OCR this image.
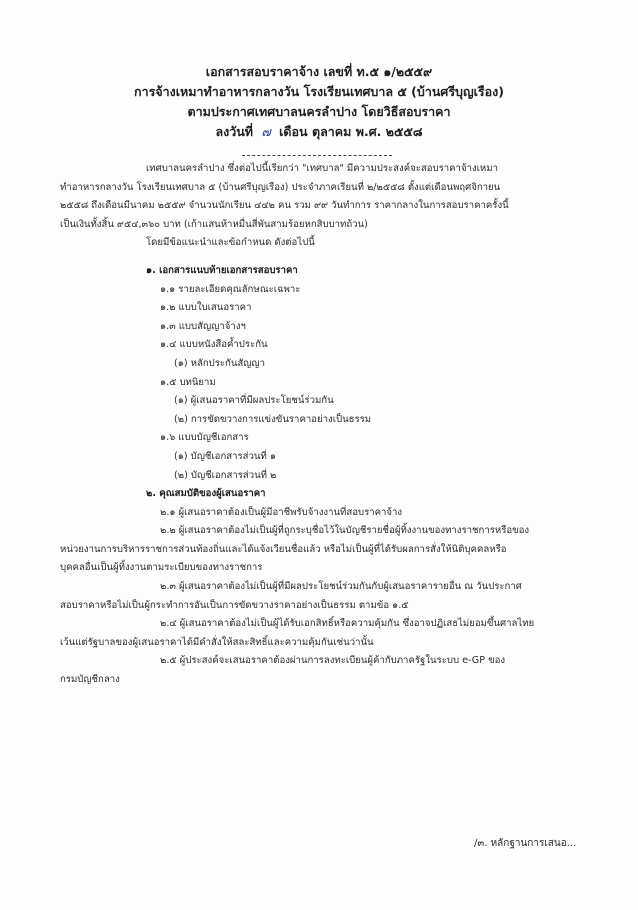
เอกสารสอบราคาจ้าง เลขที่ ท.๕ ๑/๒๕๕๙
การจ้างเหมาทำอาหารกลางวัน โรงเรียนเทศบาล ๕ (บ้านศรีบุญเรือง)
ตามประกาศเทศบาลนครลำปาง โดยวิธีสอบราคา
ลงวันที่ ๗ เดือน ตุลาคม พ.ศ. ๒๕๕๘
เทศบาลนครลำปาง ซึ่งต่อไปนี้เรียกว่า "เทศบาล" มีความประสงค์จะสอบราคาจ้างเหมา
ทำอาหารกลางวัน โรงเรียนเทศบาล ๕ (บ้านศรีบุญเรือง) ประจำภาคเรียนที่ ๒/๒๕๕๘ ตั้งแต่เดือนพฤศจิกายน
๒๕๕๘ ถึงเดือนมีนาคม ๒๕๕๙ จำนวนนักเรียน ๔๔๒ คน รวม ๙๙ วันทำการ ราคากลางในการสอบราคาครั้งนี้
เป็นเงินทั้งสิ้น ๙๕๔,๓๖๐ บาท (เก้าแสนห้าหมื่นสี่พันสามร้อยหกสิบบาทถ้วน)
โดยมีข้อแนะนำและข้อกำหนด ดังต่อไปนี้
๑. เอกสารแนบท้ายเอกสารสอบราคา
๑.๑ รายละเอียดคุณลักษณะเฉพาะ
๑.๒ แบบใบเสนอราคา
๑.๓ แบบสัญญาจ้างฯ
๑.๔ แบบหนังสือค้ำประกัน
(๑) หลักประกันสัญญา
๑.๕ บทนิยาม
(๑) ผู้เสนอราคาที่มีผลประโยชน์ร่วมกัน
(๒) การขัดขวางการแข่งขันราคาอย่างเป็นธรรม
๑.๖ แบบบัญชีเอกสาร
(๑) บัญชีเอกสารส่วนที่ ๑
(๒) บัญชีเอกสารส่วนที่ ๒
๒. คุณสมบัติของผู้เสนอราคา
๒.๑ ผู้เสนอราคาต้องเป็นผู้มีอาชีพรับจ้างงานที่สอบราคาจ้าง
๒.๒ ผู้เสนอราคาต้องไม่เป็นผู้ที่ถูกระบุชื่อไว้ในบัญชีรายชื่อผู้ทิ้งงานของทางราชการหรือของ
หน่วยงานการบริหารราชการส่วนท้องถิ่นและได้แจ้งเวียนชื่อแล้ว หรือไม่เป็นผู้ที่ได้รับผลการสั่งให้นิติบุคคลหรือ
บุคคลอื่นเป็นผู้ทิ้งงานตามระเบียบของทางราชการ
๒.๓ ผู้เสนอราคาต้องไม่เป็นผู้ที่มีผลประโยชน์ร่วมกันกับผู้เสนอราคารายอื่น ณ วันประกาศ
สอบราคาหรือไม่เป็นผู้กระทำการอันเป็นการขัดขวางราคาอย่างเป็นธรรม ตามข้อ ๑.๕
๒.๔ ผู้เสนอราคาต้องไม่เป็นผู้ได้รับเอกสิทธิ์หรือความคุ้มกัน ซึ่งอาจปฏิเสธไม่ยอมขึ้นศาลไทย
เว้นแต่รัฐบาลของผู้เสนอราคาได้มีคำสั่งให้สละสิทธิ์และความคุ้มกันเช่นว่านั้น
๒.๕ ผู้ประสงค์จะเสนอราคาต้องผ่านการลงทะเบียนผู้ค้ากับภาครัฐในระบบ e-GP ของ
กรมบัญชีกลาง
/๓. หลักฐานการเสนอ...
